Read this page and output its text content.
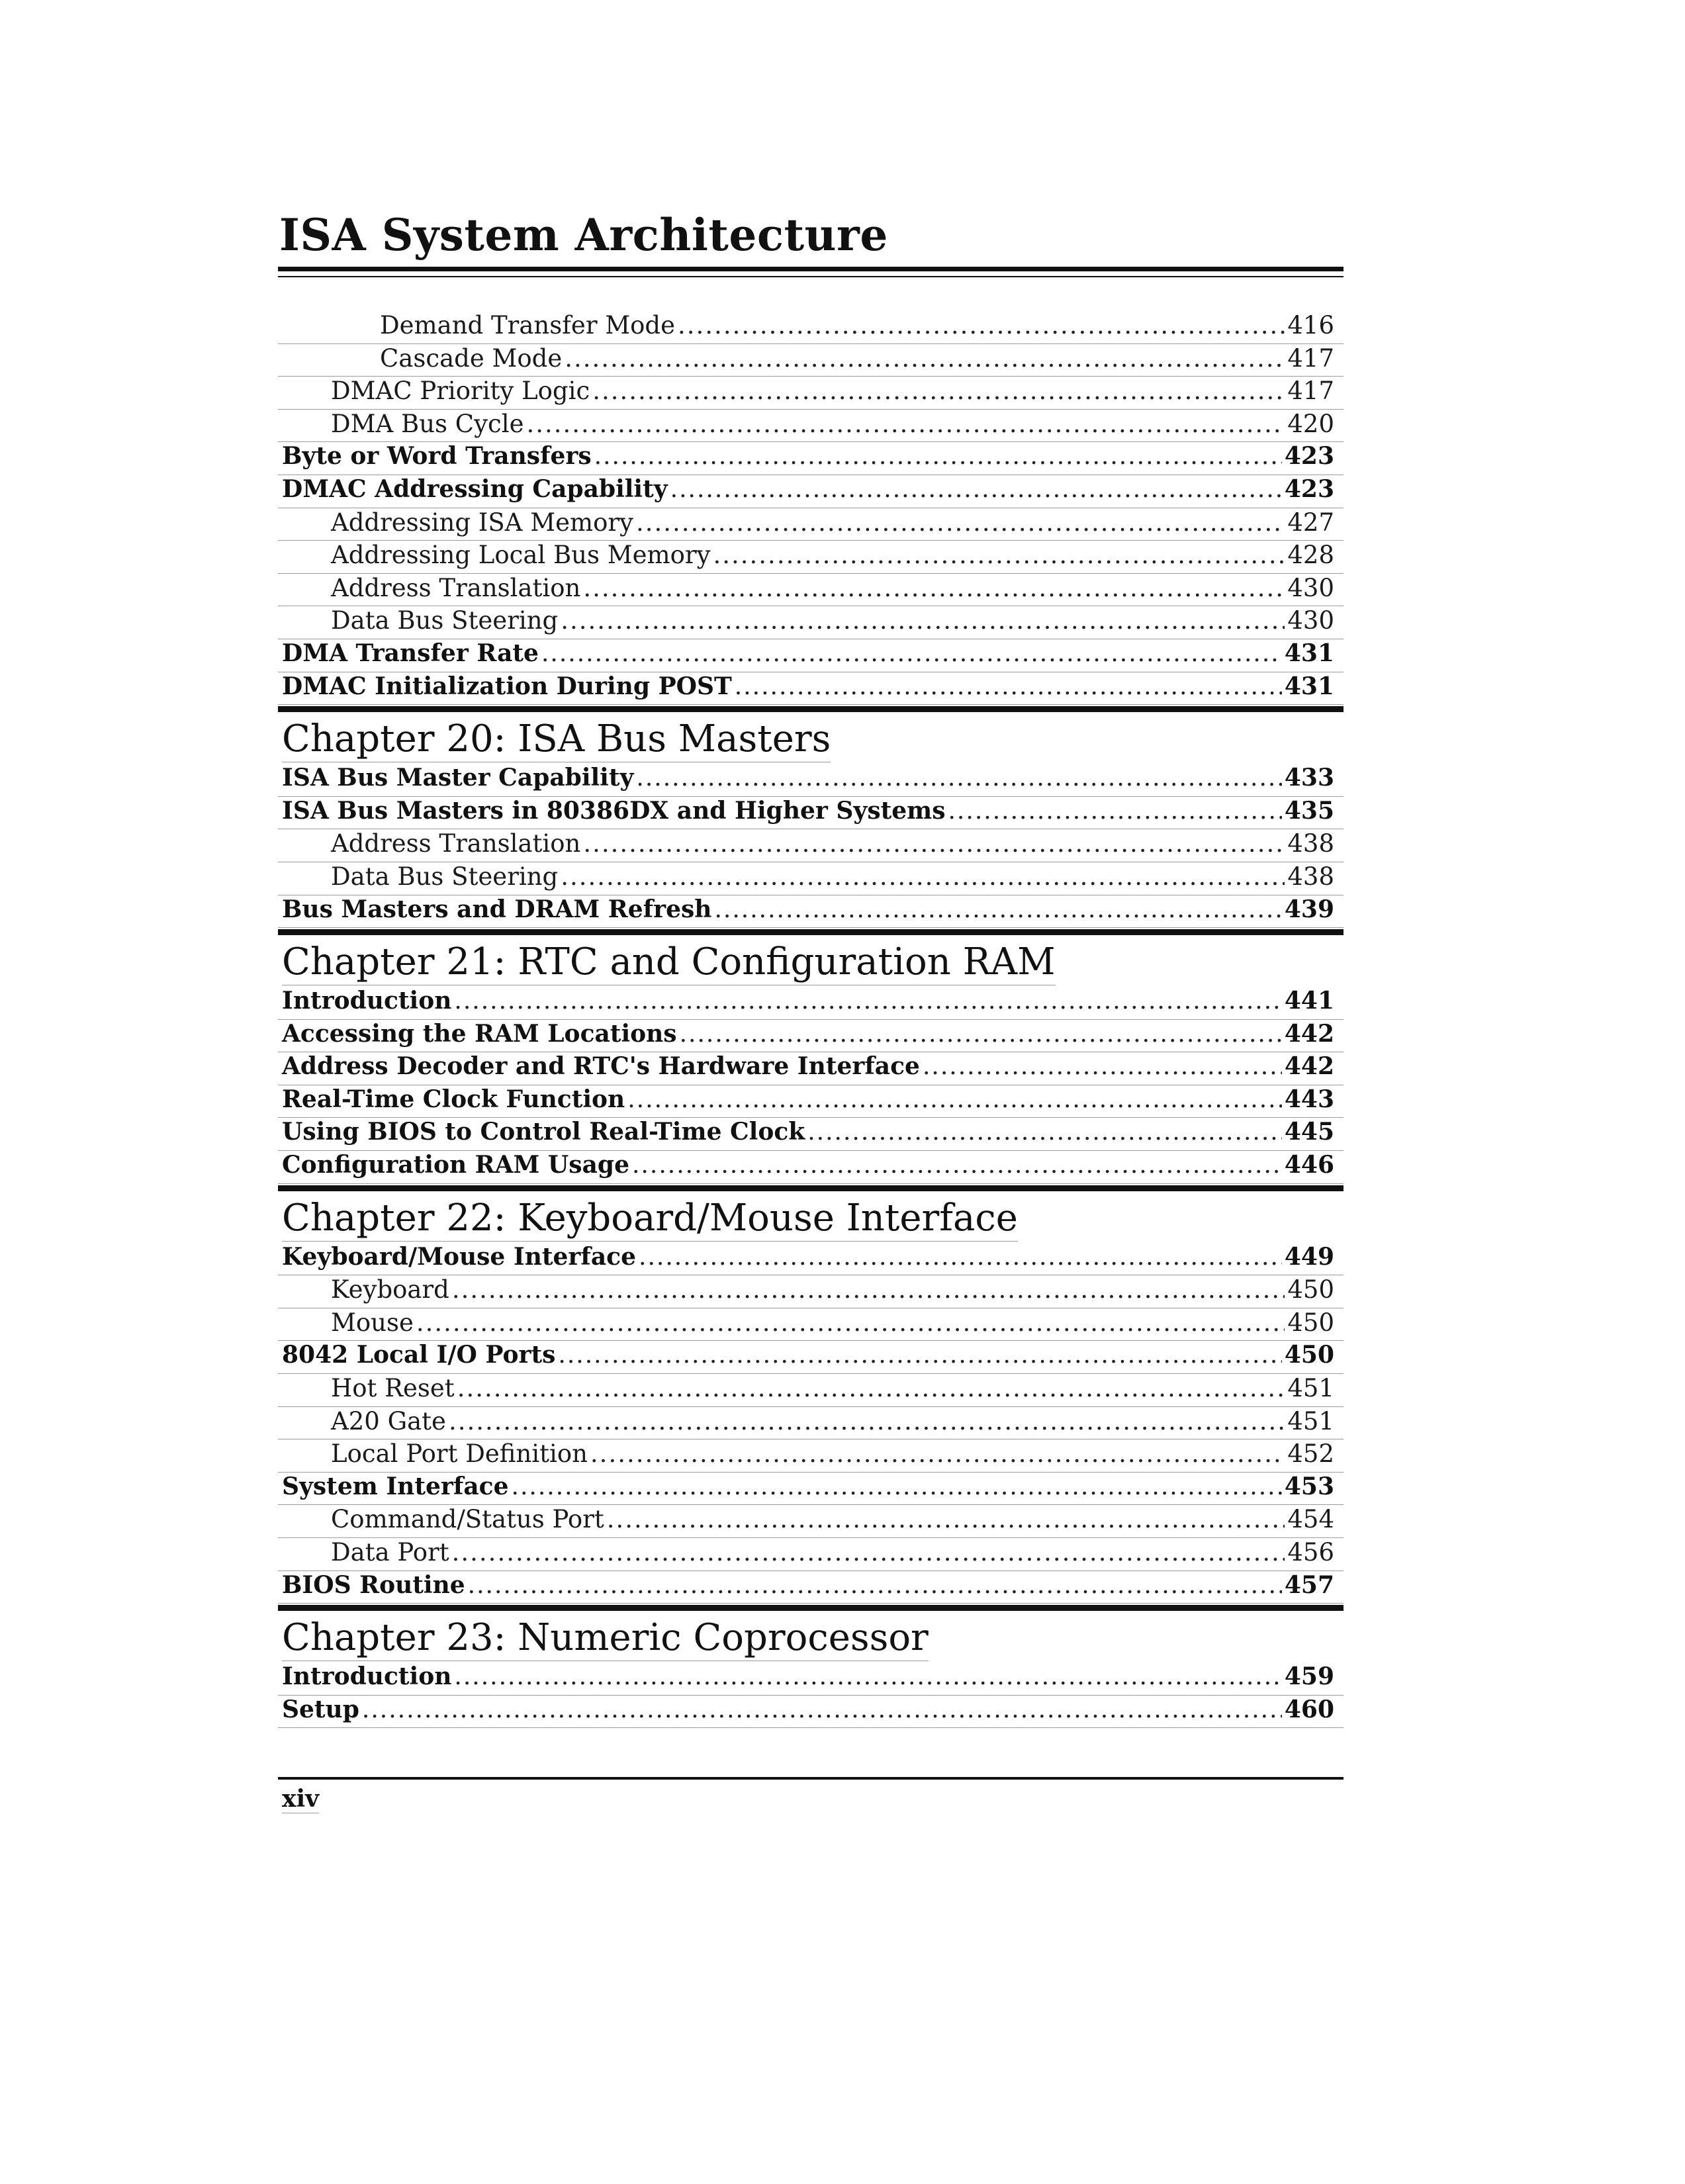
ISA System Architecture
Demand Transfer Mode .....	416
Cascade Mode .....	417
DMAC Priority Logic .....	417
DMA Bus Cycle .....	420
Byte or Word Transfers .....	423
DMAC Addressing Capability .....	423
Addressing ISA Memory .....	427
Addressing Local Bus Memory .....	428
Address Translation .....	430
Data Bus Steering .....	430
DMA Transfer Rate .....	431
DMAC Initialization During POST .....	431
Chapter 20: ISA Bus Masters
ISA Bus Master Capability .....	433
ISA Bus Masters in 80386DX and Higher Systems .....	435
Address Translation .....	438
Data Bus Steering .....	438
Bus Masters and DRAM Refresh .....	439
Chapter 21: RTC and Configuration RAM
Introduction .....	441
Accessing the RAM Locations .....	442
Address Decoder and RTC's Hardware Interface .....	442
Real-Time Clock Function .....	443
Using BIOS to Control Real-Time Clock .....	445
Configuration RAM Usage .....	446
Chapter 22: Keyboard/Mouse Interface
Keyboard/Mouse Interface .....	449
Keyboard .....	450
Mouse .....	450
8042 Local I/O Ports .....	450
Hot Reset .....	451
A20 Gate .....	451
Local Port Definition .....	452
System Interface .....	453
Command/Status Port .....	454
Data Port .....	456
BIOS Routine .....	457
Chapter 23: Numeric Coprocessor
Introduction .....	459
Setup .....	460
xiv
